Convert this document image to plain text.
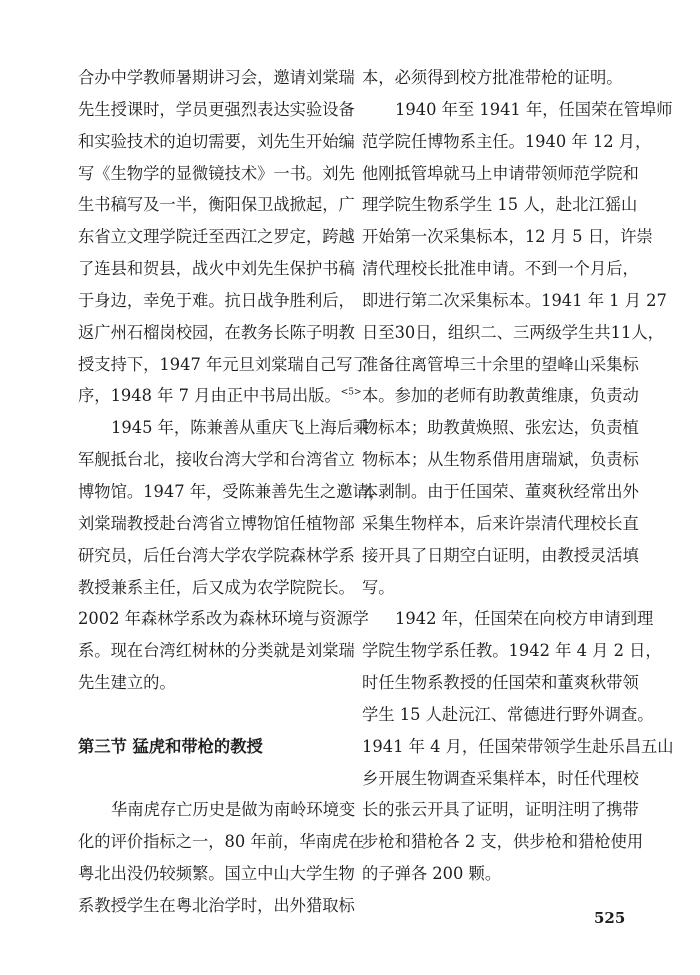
合办中学教师暑期讲习会，邀请刘棠瑞
先生授课时，学员更强烈表达实验设备
和实验技术的迫切需要，刘先生开始编
写《生物学的显微镜技术》一书。刘先
生书稿写及一半，衡阳保卫战掀起，广
东省立文理学院迁至西江之罗定，跨越
了连县和贺县，战火中刘先生保护书稿
于身边，幸免于难。抗日战争胜利后，
返广州石榴岗校园，在教务长陈子明教
授支持下，1947 年元旦刘棠瑞自己写了
序，1948 年 7 月由正中书局出版。$^{<5>}$
1945 年，陈兼善从重庆飞上海后乘
军舰抵台北，接收台湾大学和台湾省立
博物馆。1947 年，受陈兼善先生之邀请，
刘棠瑞教授赴台湾省立博物馆任植物部
研究员，后任台湾大学农学院森林学系
教授兼系主任，后又成为农学院院长。
2002 年森林学系改为森林环境与资源学
系。现在台湾红树林的分类就是刘棠瑞
先生建立的。
第三节 猛虎和带枪的教授
华南虎存亡历史是做为南岭环境变
化的评价指标之一，80 年前，华南虎在
粤北出没仍较频繁。国立中山大学生物
系教授学生在粤北治学时，出外猎取标
本，必须得到校方批准带枪的证明。
1940 年至 1941 年，任国荣在管埠师
范学院任博物系主任。1940 年 12 月，
他刚抵管埠就马上申请带领师范学院和
理学院生物系学生 15 人，赴北江猺山
开始第一次采集标本，12 月 5 日，许崇
清代理校长批准申请。不到一个月后，
即进行第二次采集标本。1941 年 1 月 27
日至30日，组织二、三两级学生共11人，
准备往离管埠三十余里的望峰山采集标
本。参加的老师有助教黄维康，负责动
物标本；助教黄焕照、张宏达，负责植
物标本；从生物系借用唐瑞斌，负责标
本剥制。由于任国荣、董爽秋经常出外
采集生物样本，后来许崇清代理校长直
接开具了日期空白证明，由教授灵活填
写。
1942 年，任国荣在向校方申请到理
学院生物学系任教。1942 年 4 月 2 日，
时任生物系教授的任国荣和董爽秋带领
学生 15 人赴沅江、常德进行野外调查。
1941 年 4 月，任国荣带领学生赴乐昌五山
乡开展生物调查采集样本，时任代理校
长的张云开具了证明，证明注明了携带
步枪和猎枪各 2 支，供步枪和猎枪使用
的子弹各 200 颗。
525
